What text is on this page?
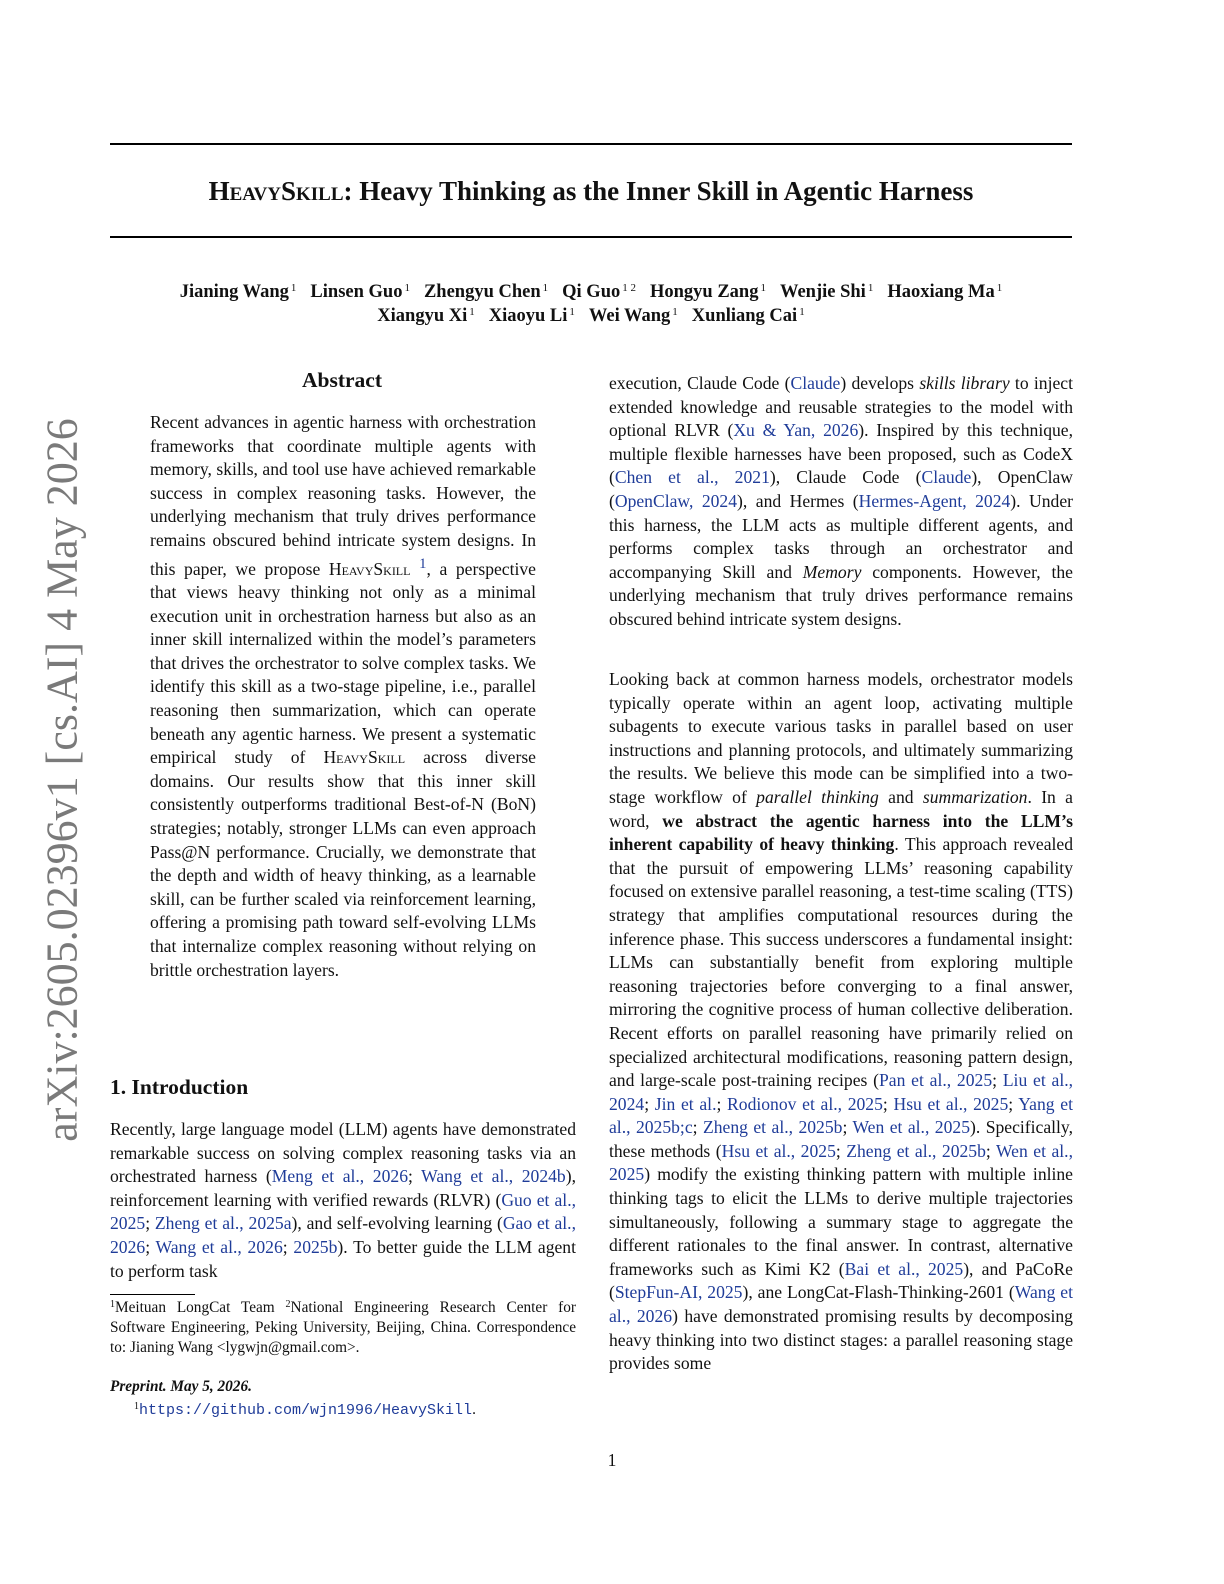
HeavySkill: Heavy Thinking as the Inner Skill in Agentic Harness
Jianing Wang $^1$ Linsen Guo $^1$ Zhengyu Chen $^1$ Qi Guo $^{1 2}$ Hongyu Zang $^1$ Wenjie Shi $^1$ Haoxiang Ma $^1$
Xiangyu Xi $^1$ Xiaoyu Li $^1$ Wei Wang $^1$ Xunliang Cai $^1$
Abstract

Recent advances in agentic harness with orchestration frameworks that coordinate multiple agents with memory, skills, and tool use have achieved remarkable success in complex reasoning tasks. However, the underlying mechanism that truly drives performance remains obscured behind intricate system designs. In this paper, we propose HeavySkill $^1$, a perspective that views heavy thinking not only as a minimal execution unit in orchestration harness but also as an inner skill internalized within the model’s parameters that drives the orchestrator to solve complex tasks. We identify this skill as a two-stage pipeline, i.e., parallel reasoning then summarization, which can operate beneath any agentic harness. We present a systematic empirical study of HeavySkill across diverse domains. Our results show that this inner skill consistently outperforms traditional Best-of-N (BoN) strategies; notably, stronger LLMs can even approach Pass@N performance. Crucially, we demonstrate that the depth and width of heavy thinking, as a learnable skill, can be further scaled via reinforcement learning, offering a promising path toward self-evolving LLMs that internalize complex reasoning without relying on brittle orchestration layers.

1. Introduction

Recently, large language model (LLM) agents have demonstrated remarkable success on solving complex reasoning tasks via an orchestrated harness (Meng et al., 2026; Wang et al., 2024b), reinforcement learning with verified rewards (RLVR) (Guo et al., 2025; Zheng et al., 2025a), and self-evolving learning (Gao et al., 2026; Wang et al., 2026; 2025b). To better guide the LLM agent to perform task

execution, Claude Code (Claude) develops skills library to inject extended knowledge and reusable strategies to the model with optional RLVR (Xu & Yan, 2026). Inspired by this technique, multiple flexible harnesses have been proposed, such as CodeX (Chen et al., 2021), Claude Code (Claude), OpenClaw (OpenClaw, 2024), and Hermes (Hermes-Agent, 2024). Under this harness, the LLM acts as multiple different agents, and performs complex tasks through an orchestrator and accompanying Skill and Memory components. However, the underlying mechanism that truly drives performance remains obscured behind intricate system designs.

Looking back at common harness models, orchestrator models typically operate within an agent loop, activating multiple subagents to execute various tasks in parallel based on user instructions and planning protocols, and ultimately summarizing the results. We believe this mode can be simplified into a two-stage workflow of parallel thinking and summarization. In a word, we abstract the agentic harness into the LLM’s inherent capability of heavy thinking. This approach revealed that the pursuit of empowering LLMs’ reasoning capability focused on extensive parallel reasoning, a test-time scaling (TTS) strategy that amplifies computational resources during the inference phase. This success underscores a fundamental insight: LLMs can substantially benefit from exploring multiple reasoning trajectories before converging to a final answer, mirroring the cognitive process of human collective deliberation. Recent efforts on parallel reasoning have primarily relied on specialized architectural modifications, reasoning pattern design, and large-scale post-training recipes (Pan et al., 2025; Liu et al., 2024; Jin et al.; Rodionov et al., 2025; Hsu et al., 2025; Yang et al., 2025b;c; Zheng et al., 2025b; Wen et al., 2025). Specifically, these methods (Hsu et al., 2025; Zheng et al., 2025b; Wen et al., 2025) modify the existing thinking pattern with multiple inline thinking tags to elicit the LLMs to derive multiple trajectories simultaneously, following a summary stage to aggregate the different rationales to the final answer. In contrast, alternative frameworks such as Kimi K2 (Bai et al., 2025), and PaCoRe (StepFun-AI, 2025), ane LongCat-Flash-Thinking-2601 (Wang et al., 2026) have demonstrated promising results by decomposing heavy thinking into two distinct stages: a parallel reasoning stage provides some

$^1$Meituan LongCat Team $^2$National Engineering Research Center for Software Engineering, Peking University, Beijing, China. Correspondence to: Jianing Wang <lygwjn@gmail.com>.
Preprint. May 5, 2026.
$^1$https://github.com/wjn1996/HeavySkill.
1
arXiv:2605.02396v1 [cs.AI] 4 May 2026
